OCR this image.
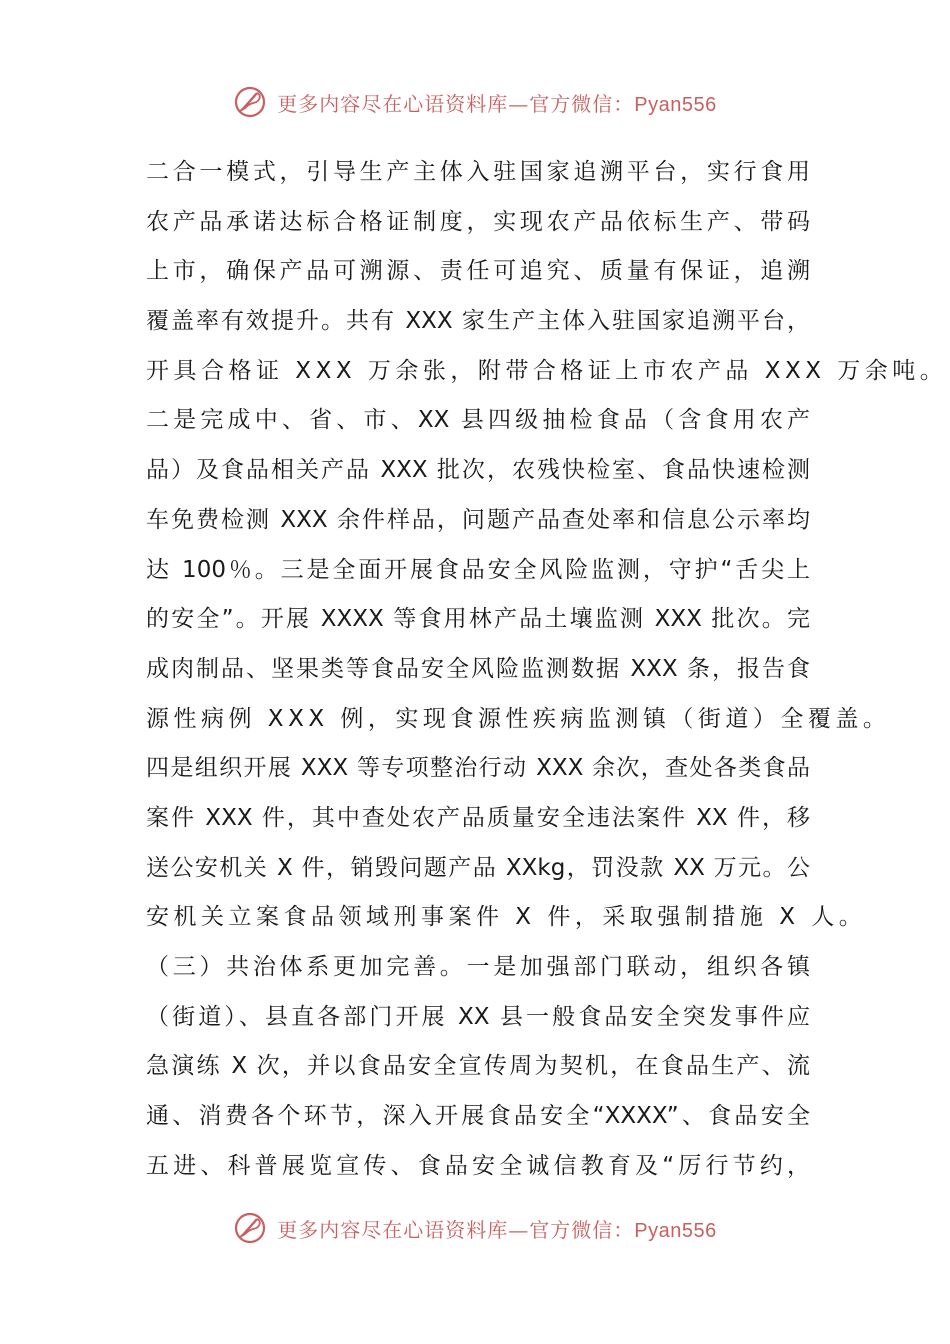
更多内容尽在心语资料库—官方微信：Pyan556
二合一模式，引导生产主体入驻国家追溯平台，实行食用
农产品承诺达标合格证制度，实现农产品依标生产、带码
上市，确保产品可溯源、责任可追究、质量有保证，追溯
覆盖率有效提升。共有 XXX 家生产主体入驻国家追溯平台，
开具合格证 XXX 万余张，附带合格证上市农产品 XXX 万余吨。
二是完成中、省、市、XX 县四级抽检食品（含食用农产
品）及食品相关产品 XXX 批次，农残快检室、食品快速检测
车免费检测 XXX 余件样品，问题产品查处率和信息公示率均
达 100％。三是全面开展食品安全风险监测，守护“舌尖上
的安全”。开展 XXXX 等食用林产品土壤监测 XXX 批次。完
成肉制品、坚果类等食品安全风险监测数据 XXX 条，报告食
源性病例 XXX 例，实现食源性疾病监测镇（街道）全覆盖。
四是组织开展 XXX 等专项整治行动 XXX 余次，查处各类食品
案件 XXX 件，其中查处农产品质量安全违法案件 XX 件，移
送公安机关 X 件，销毁问题产品 XXkg，罚没款 XX 万元。公
安机关立案食品领域刑事案件 X 件，采取强制措施 X 人。
（三）共治体系更加完善。一是加强部门联动，组织各镇
（街道）、县直各部门开展 XX 县一般食品安全突发事件应
急演练 X 次，并以食品安全宣传周为契机，在食品生产、流
通、消费各个环节，深入开展食品安全“XXXX”、食品安全
五进、科普展览宣传、食品安全诚信教育及“厉行节约，
更多内容尽在心语资料库—官方微信：Pyan556
